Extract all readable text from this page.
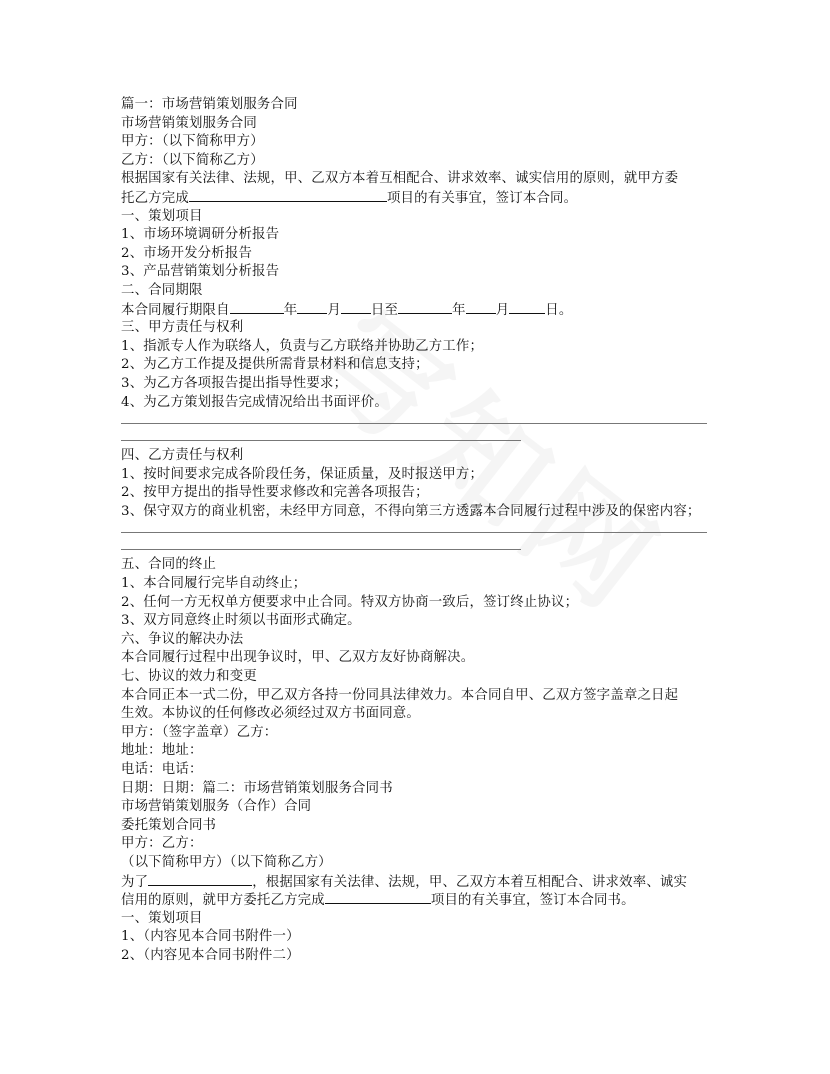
篇一：市场营销策划服务合同
市场营销策划服务合同
甲方：（以下简称甲方）
乙方：（以下简称乙方）
根据国家有关法律、法规，甲、乙双方本着互相配合、讲求效率、诚实信用的原则，就甲方委
托乙方完成	项目的有关事宜，签订本合同。
一、策划项目
1、市场环境调研分析报告
2、市场开发分析报告
3、产品营销策划分析报告
二、合同期限
本合同履行期限自	年 月 日至	年 月	日。
三、甲方责任与权利
1、指派专人作为联络人，负责与乙方联络并协助乙方工作；
2、为乙方工作提及提供所需背景材料和信息支持；
3、为乙方各项报告提出指导性要求；
4、为乙方策划报告完成情况给出书面评价。
四、乙方责任与权利
1、按时间要求完成各阶段任务，保证质量，及时报送甲方；
2、按甲方提出的指导性要求修改和完善各项报告；
3、保守双方的商业机密，未经甲方同意，不得向第三方透露本合同履行过程中涉及的保密内容；
五、合同的终止
1、本合同履行完毕自动终止；
2、任何一方无权单方便要求中止合同。特双方协商一致后，签订终止协议；
3、双方同意终止时须以书面形式确定。
六、争议的解决办法
本合同履行过程中出现争议时，甲、乙双方友好协商解决。
七、协议的效力和变更
本合同正本一式二份，甲乙双方各持一份同具法律效力。本合同自甲、乙双方签字盖章之日起
生效。本协议的任何修改必须经过双方书面同意。
甲方：（签字盖章）乙方：
地址：地址：
电话：电话：
日期：日期：篇二：市场营销策划服务合同书
市场营销策划服务（合作）合同
委托策划合同书
甲方：乙方：
（以下简称甲方）（以下简称乙方）
为了	，根据国家有关法律、法规，甲、乙双方本着互相配合、讲求效率、诚实
信用的原则，就甲方委托乙方完成	项目的有关事宜，签订本合同书。
一、策划项目
1、（内容见本合同书附件一）
2、（内容见本合同书附件二）
